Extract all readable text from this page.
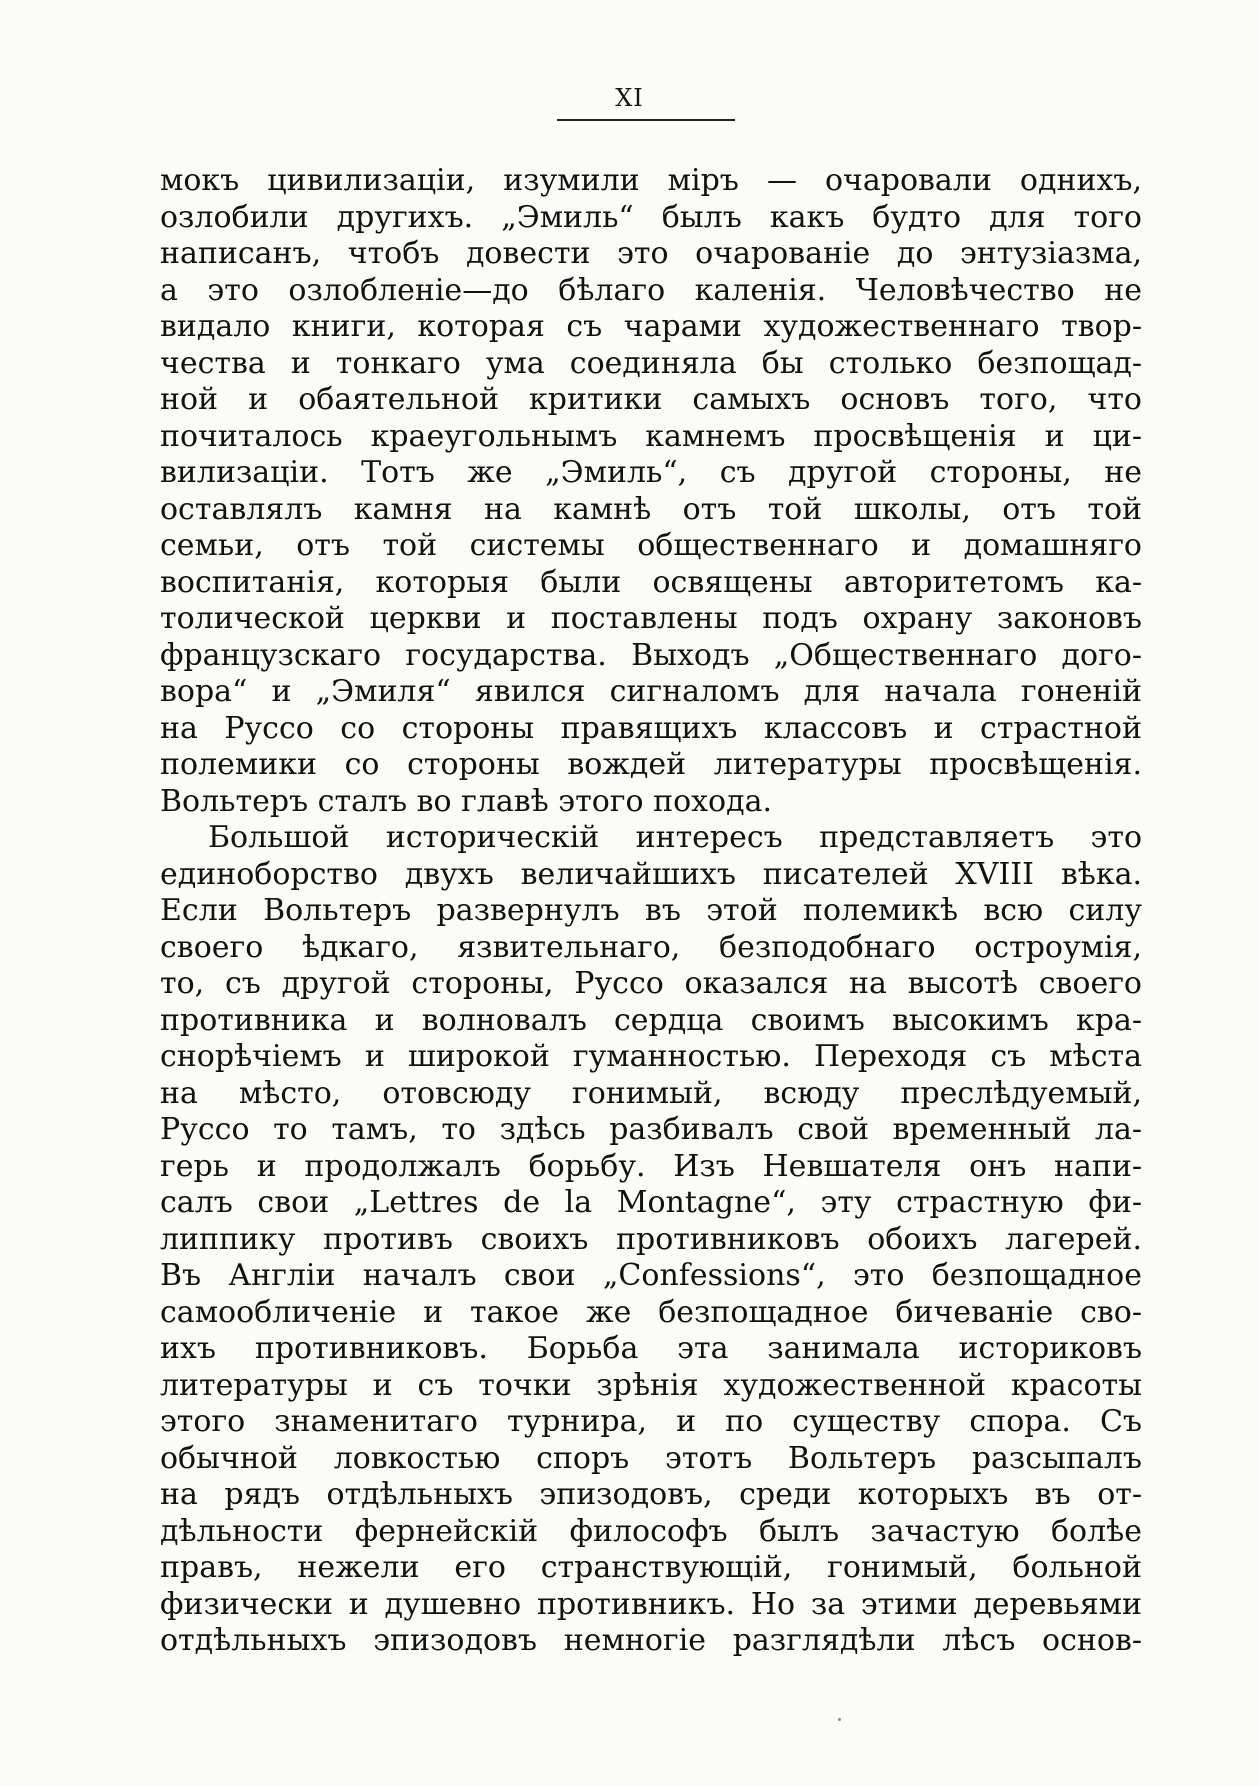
XI
мокъ цивилизаціи, изумили міръ — очаровали однихъ,
озлобили другихъ. „Эмиль“ былъ какъ будто для того
написанъ, чтобъ довести это очарованіе до энтузіазма,
а это озлобленіе—до бѣлаго каленія. Человѣчество не
видало книги, которая съ чарами художественнаго твор-
чества и тонкаго ума соединяла бы столько безпощад-
ной и обаятельной критики самыхъ основъ того, что
почиталось краеугольнымъ камнемъ просвѣщенія и ци-
вилизаціи. Тотъ же „Эмиль“, съ другой стороны, не
оставлялъ камня на камнѣ отъ той школы, отъ той
семьи, отъ той системы общественнаго и домашняго
воспитанія, которыя были освящены авторитетомъ ка-
толической церкви и поставлены подъ охрану законовъ
французскаго государства. Выходъ „Общественнаго дого-
вора“ и „Эмиля“ явился сигналомъ для начала гоненій
на Руссо со стороны правящихъ классовъ и страстной
полемики со стороны вождей литературы просвѣщенія.
Вольтеръ сталъ во главѣ этого похода.
Большой историческій интересъ представляетъ это
единоборство двухъ величайшихъ писателей XVIII вѣка.
Если Вольтеръ развернулъ въ этой полемикѣ всю силу
своего ѣдкаго, язвительнаго, безподобнаго остроумія,
то, съ другой стороны, Руссо оказался на высотѣ своего
противника и волновалъ сердца своимъ высокимъ кра-
снорѣчіемъ и широкой гуманностью. Переходя съ мѣста
на мѣсто, отовсюду гонимый, всюду преслѣдуемый,
Руссо то тамъ, то здѣсь разбивалъ свой временный ла-
герь и продолжалъ борьбу. Изъ Невшателя онъ напи-
салъ свои „Lettres de la Montagne“, эту страстную фи-
липпику противъ своихъ противниковъ обоихъ лагерей.
Въ Англіи началъ свои „Confessions“, это безпощадное
самообличеніе и такое же безпощадное бичеваніе сво-
ихъ противниковъ. Борьба эта занимала историковъ
литературы и съ точки зрѣнія художественной красоты
этого знаменитаго турнира, и по существу спора. Съ
обычной ловкостью споръ этотъ Вольтеръ разсыпалъ
на рядъ отдѣльныхъ эпизодовъ, среди которыхъ въ от-
дѣльности фернейскій философъ былъ зачастую болѣе
правъ, нежели его странствующій, гонимый, больной
физически и душевно противникъ. Но за этими деревьями
отдѣльныхъ эпизодовъ немногіе разглядѣли лѣсъ основ-
